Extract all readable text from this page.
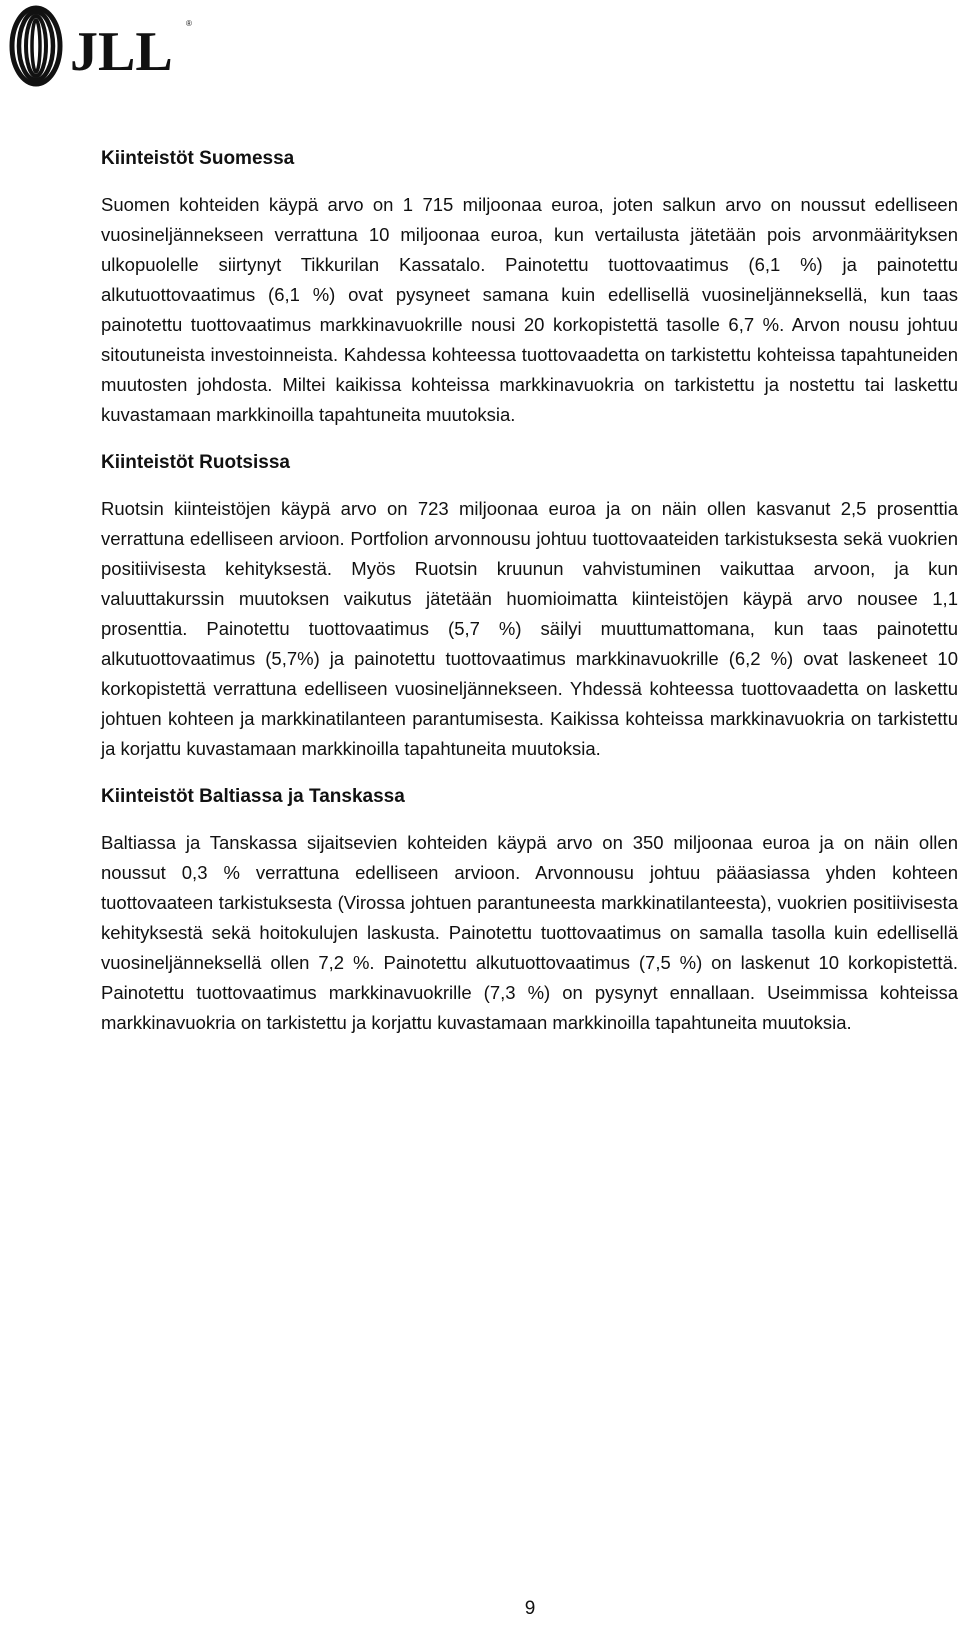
JLL ®
Kiinteistöt Suomessa

Suomen kohteiden käypä arvo on 1 715 miljoonaa euroa, joten salkun arvo on noussut edelliseen vuosineljännekseen verrattuna 10 miljoonaa euroa, kun vertailusta jätetään pois arvonmäärityksen ulkopuolelle siirtynyt Tikkurilan Kassatalo. Painotettu tuottovaatimus (6,1 %) ja painotettu alkutuottovaatimus (6,1 %) ovat pysyneet samana kuin edellisellä vuosineljänneksellä, kun taas painotettu tuottovaatimus markkinavuokrille nousi 20 korkopistettä tasolle 6,7 %. Arvon nousu johtuu sitoutuneista investoinneista. Kahdessa kohteessa tuottovaadetta on tarkistettu kohteissa tapahtuneiden muutosten johdosta. Miltei kaikissa kohteissa markkinavuokria on tarkistettu ja nostettu tai laskettu kuvastamaan markkinoilla tapahtuneita muutoksia.

Kiinteistöt Ruotsissa

Ruotsin kiinteistöjen käypä arvo on 723 miljoonaa euroa ja on näin ollen kasvanut 2,5 prosenttia verrattuna edelliseen arvioon. Portfolion arvonnousu johtuu tuottovaateiden tarkistuksesta sekä vuokrien positiivisesta kehityksestä. Myös Ruotsin kruunun vahvistuminen vaikuttaa arvoon, ja kun valuuttakurssin muutoksen vaikutus jätetään huomioimatta kiinteistöjen käypä arvo nousee 1,1 prosenttia. Painotettu tuottovaatimus (5,7 %) säilyi muuttumattomana, kun taas painotettu alkutuottovaatimus (5,7%) ja painotettu tuottovaatimus markkinavuokrille (6,2 %) ovat laskeneet 10 korkopistettä verrattuna edelliseen vuosineljännekseen. Yhdessä kohteessa tuottovaadetta on laskettu johtuen kohteen ja markkinatilanteen parantumisesta. Kaikissa kohteissa markkinavuokria on tarkistettu ja korjattu kuvastamaan markkinoilla tapahtuneita muutoksia.

Kiinteistöt Baltiassa ja Tanskassa

Baltiassa ja Tanskassa sijaitsevien kohteiden käypä arvo on 350 miljoonaa euroa ja on näin ollen noussut 0,3 % verrattuna edelliseen arvioon. Arvonnousu johtuu pääasiassa yhden kohteen tuottovaateen tarkistuksesta (Virossa johtuen parantuneesta markkinatilanteesta), vuokrien positiivisesta kehityksestä sekä hoitokulujen laskusta. Painotettu tuottovaatimus on samalla tasolla kuin edellisellä vuosineljänneksellä ollen 7,2 %. Painotettu alkutuottovaatimus (7,5 %) on laskenut 10 korkopistettä. Painotettu tuottovaatimus markkinavuokrille (7,3 %) on pysynyt ennallaan. Useimmissa kohteissa markkinavuokria on tarkistettu ja korjattu kuvastamaan markkinoilla tapahtuneita muutoksia.

9
